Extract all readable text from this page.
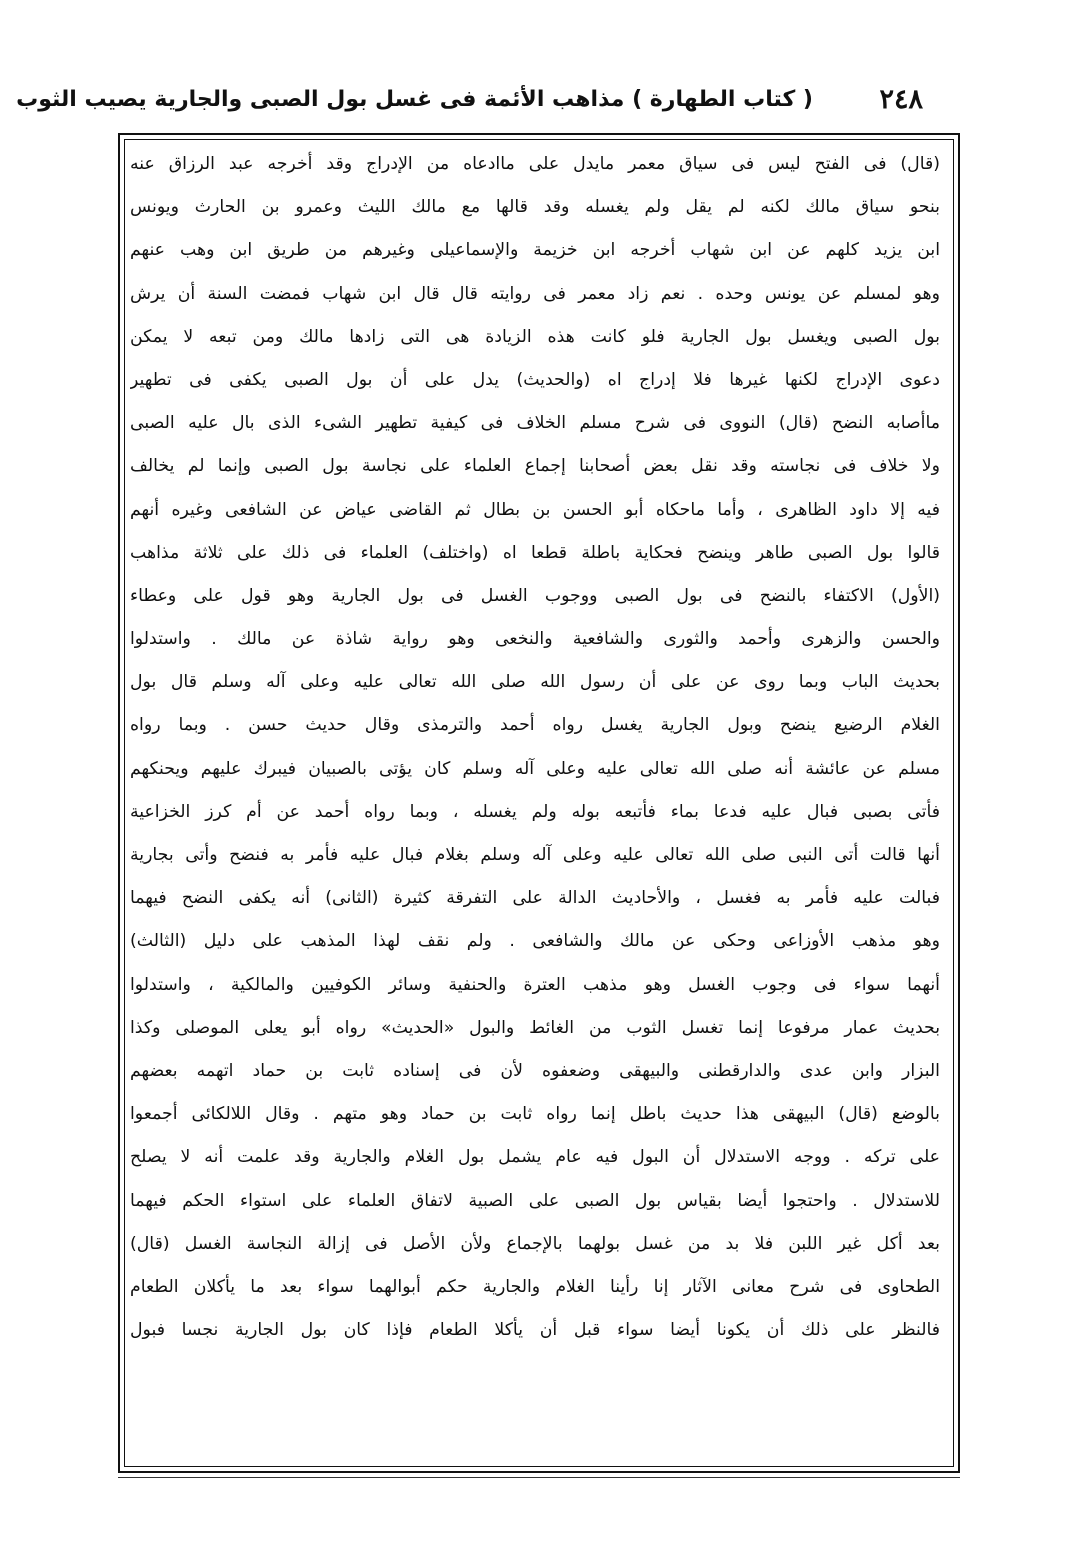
٢٤٨
( كتاب الطهارة ) مذاهب الأئمة فى غسل بول الصبى والجارية يصيب الثوب
(قال) فى الفتح ليس فى سياق معمر مايدل على ماادعاه من الإدراج وقد أخرجه عبد الرزاق عنه
بنحو سياق مالك لكنه لم يقل ولم يغسله وقد قالها مع مالك الليث وعمرو بن الحارث ويونس
ابن يزيد كلهم عن ابن شهاب أخرجه ابن خزيمة والإسماعيلى وغيرهم من طريق ابن وهب عنهم
وهو لمسلم عن يونس وحده . نعم زاد معمر فى روايته قال قال ابن شهاب فمضت السنة أن يرش
بول الصبى ويغسل بول الجارية فلو كانت هذه الزيادة هى التى زادها مالك ومن تبعه لا يمكن
دعوى الإدراج لكنها غيرها فلا إدراج اه (والحديث) يدل على أن بول الصبى يكفى فى تطهير
ماأصابه النضح (قال) النووى فى شرح مسلم الخلاف فى كيفية تطهير الشىء الذى بال عليه الصبى
ولا خلاف فى نجاسته وقد نقل بعض أصحابنا إجماع العلماء على نجاسة بول الصبى وإنما لم يخالف
فيه إلا داود الظاهرى ، وأما ماحكاه أبو الحسن بن بطال ثم القاضى عياض عن الشافعى وغيره أنهم
قالوا بول الصبى طاهر وينضح فحكاية باطلة قطعا اه (واختلف) العلماء فى ذلك على ثلاثة مذاهب
(الأول) الاكتفاء بالنضح فى بول الصبى ووجوب الغسل فى بول الجارية وهو قول على وعطاء
والحسن والزهرى وأحمد والثورى والشافعية والنخعى وهو رواية شاذة عن مالك . واستدلوا
بحديث الباب وبما روى عن على أن رسول الله صلى الله تعالى عليه وعلى آله وسلم قال بول
الغلام الرضيع ينضح وبول الجارية يغسل رواه أحمد والترمذى وقال حديث حسن . وبما رواه
مسلم عن عائشة أنه صلى الله تعالى عليه وعلى آله وسلم كان يؤتى بالصبيان فيبرك عليهم ويحنكهم
فأتى بصبى فبال عليه فدعا بماء فأتبعه بوله ولم يغسله ، وبما رواه أحمد عن أم كرز الخزاعية
أنها قالت أتى النبى صلى الله تعالى عليه وعلى آله وسلم بغلام فبال عليه فأمر به فنضح وأتى بجارية
فبالت عليه فأمر به فغسل ، والأحاديث الدالة على التفرقة كثيرة (الثانى) أنه يكفى النضح فيهما
وهو مذهب الأوزاعى وحكى عن مالك والشافعى . ولم نقف لهذا المذهب على دليل (الثالث)
أنهما سواء فى وجوب الغسل وهو مذهب العترة والحنفية وسائر الكوفيين والمالكية ، واستدلوا
بحديث عمار مرفوعا إنما تغسل الثوب من الغائط والبول «الحديث» رواه أبو يعلى الموصلى وكذا
البزار وابن عدى والدارقطنى والبيهقى وضعفوه لأن فى إسناده ثابت بن حماد اتهمه بعضهم
بالوضع (قال) البيهقى هذا حديث باطل إنما رواه ثابت بن حماد وهو متهم . وقال اللالكائى أجمعوا
على تركه . ووجه الاستدلال أن البول فيه عام يشمل بول الغلام والجارية وقد علمت أنه لا يصلح
للاستدلال . واحتجوا أيضا بقياس بول الصبى على الصبية لاتفاق العلماء على استواء الحكم فيهما
بعد أكل غير اللبن فلا بد من غسل بولهما بالإجماع ولأن الأصل فى إزالة النجاسة الغسل (قال)
الطحاوى فى شرح معانى الآثار إنا رأينا الغلام والجارية حكم أبوالهما سواء بعد ما يأكلان الطعام
فالنظر على ذلك أن يكونا أيضا سواء قبل أن يأكلا الطعام فإذا كان بول الجارية نجسا فبول
